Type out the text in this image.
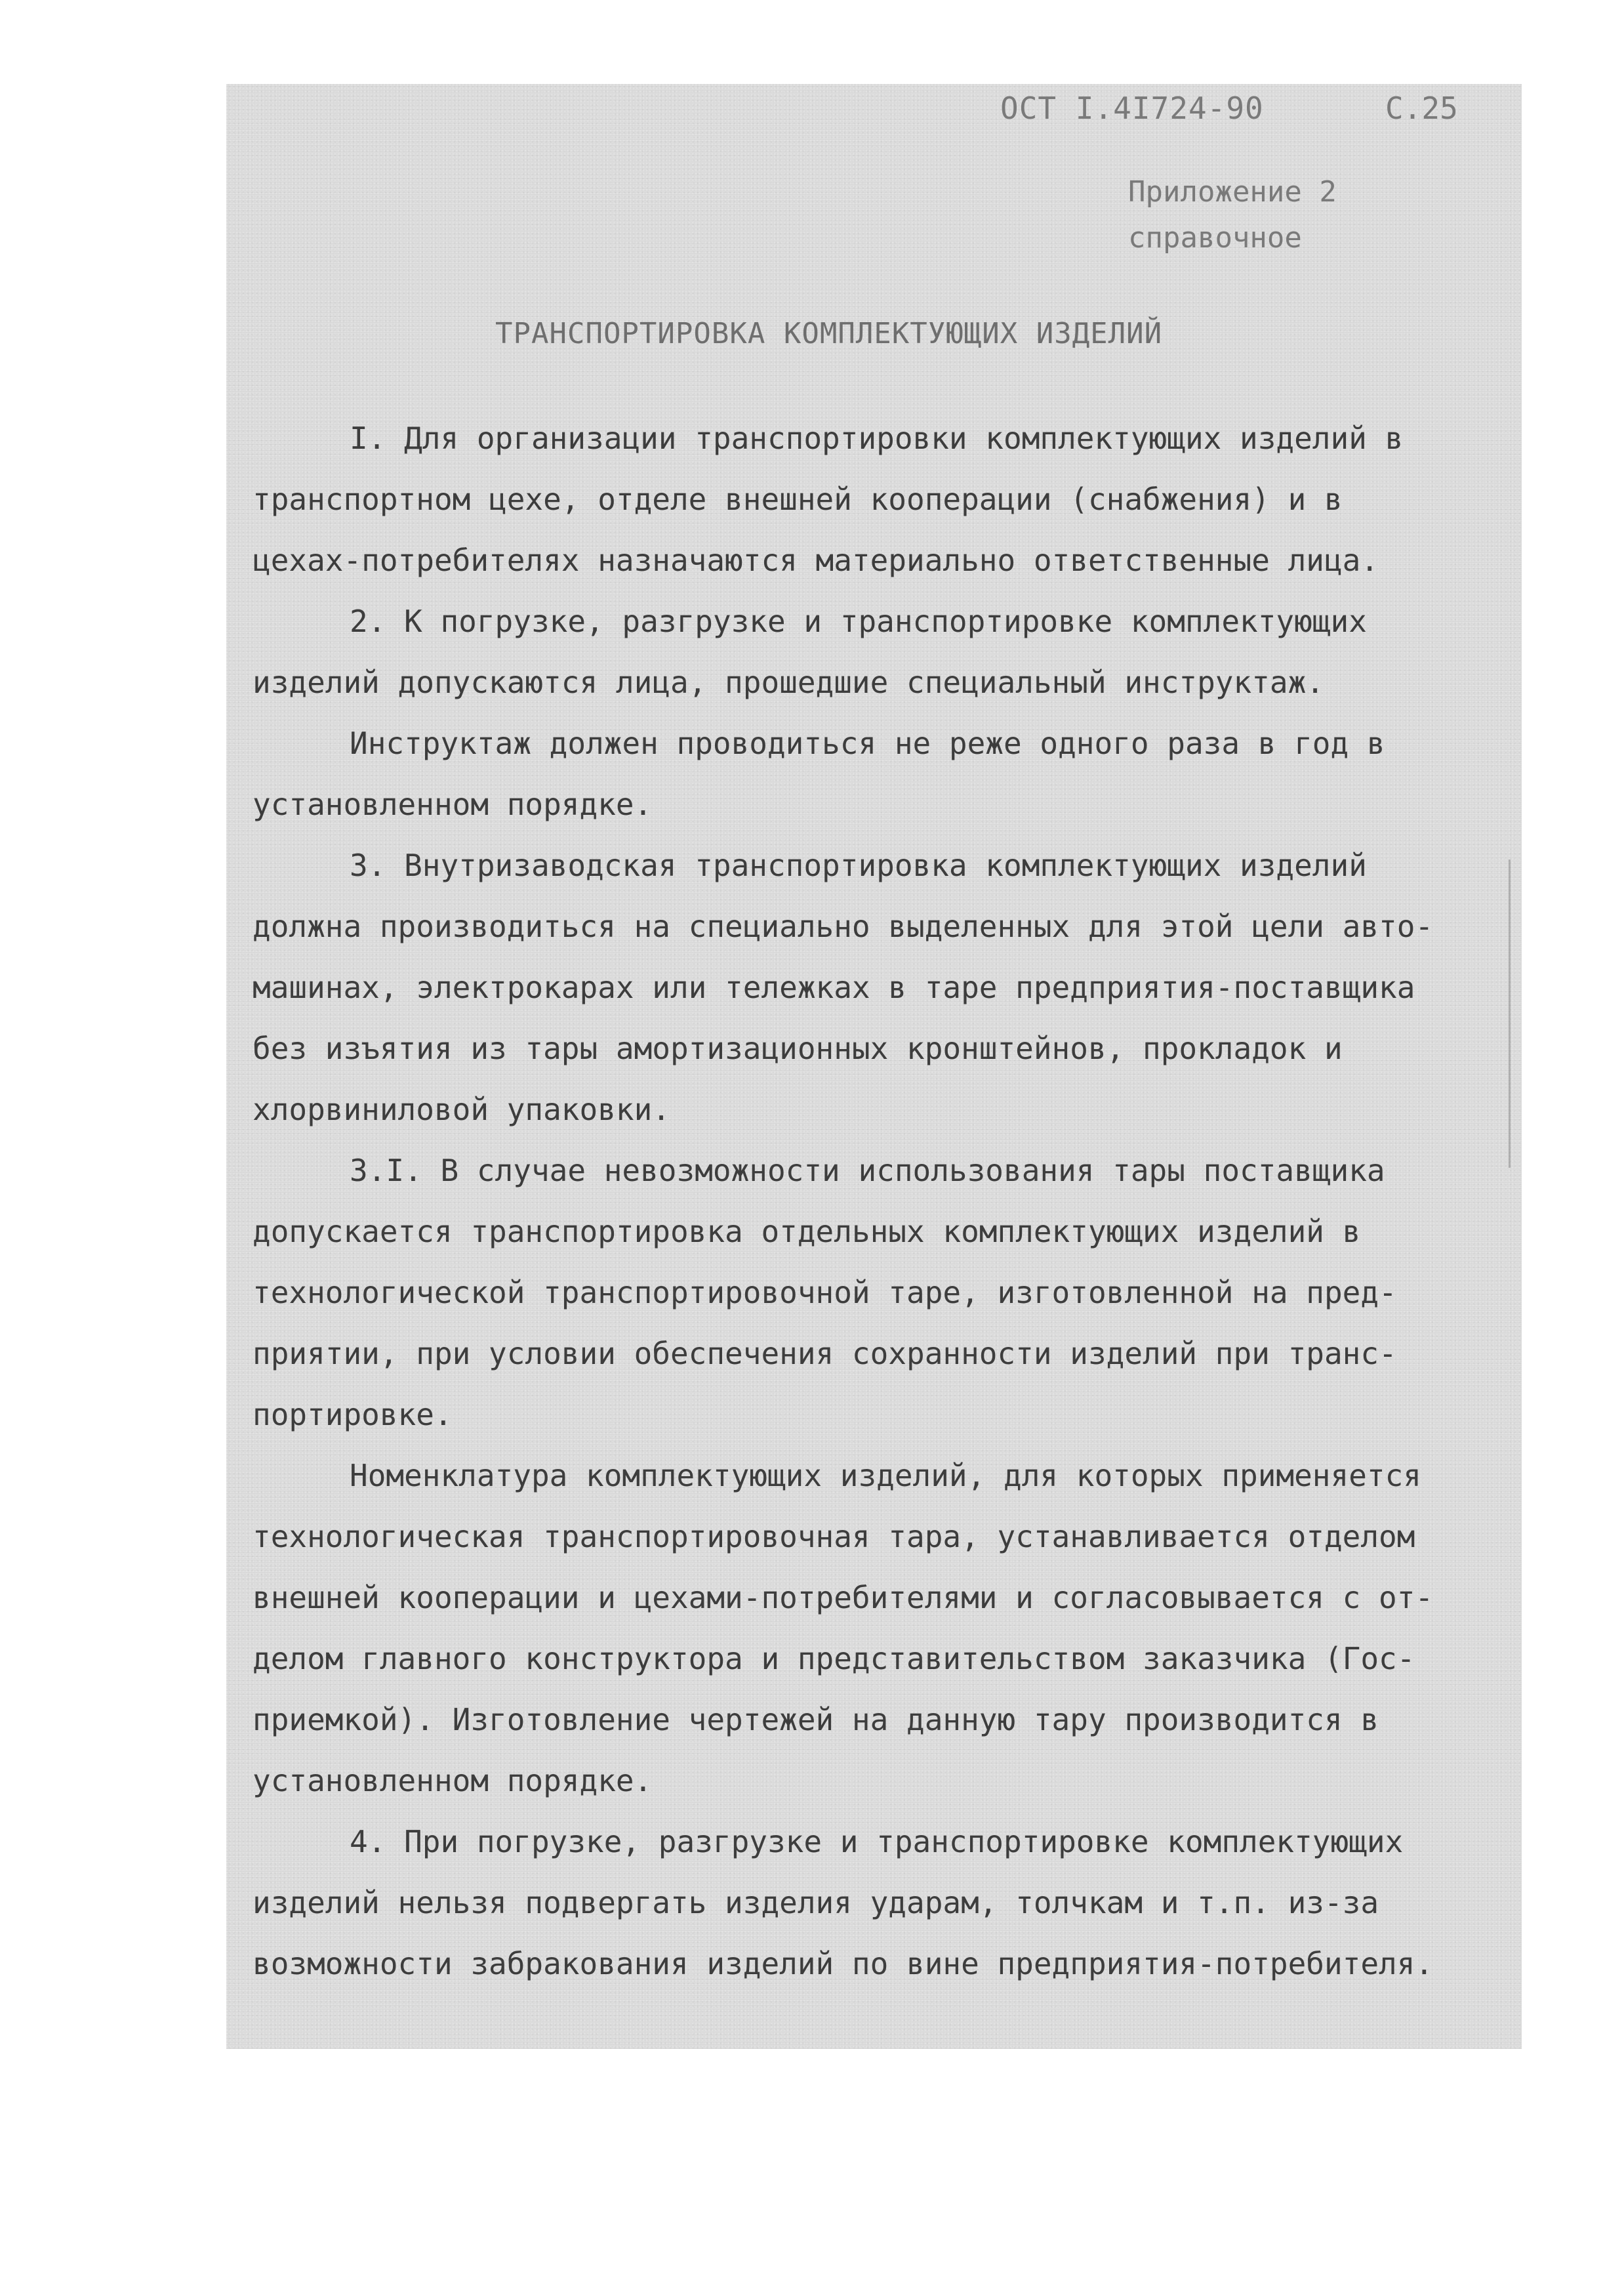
ОСТ I.4I724-90	С.25
Приложение 2
справочное
ТРАНСПОРТИРОВКА КОМПЛЕКТУЮЩИХ ИЗДЕЛИЙ
I. Для организации транспортировки комплектующих изделий в
транспортном цехе, отделе внешней кооперации (снабжения) и в
цехах-потребителях назначаются материально ответственные лица.
2. К погрузке, разгрузке и транспортировке комплектующих
изделий допускаются лица, прошедшие специальный инструктаж.
Инструктаж должен проводиться не реже одного раза в год в
установленном порядке.
3. Внутризаводская транспортировка комплектующих изделий
должна производиться на специально выделенных для этой цели авто-
машинах, электрокарах или тележках в таре предприятия-поставщика
без изъятия из тары амортизационных кронштейнов, прокладок и
хлорвиниловой упаковки.
3.I. В случае невозможности использования тары поставщика
допускается транспортировка отдельных комплектующих изделий в
технологической транспортировочной таре, изготовленной на пред-
приятии, при условии обеспечения сохранности изделий при транс-
портировке.
Номенклатура комплектующих изделий, для которых применяется
технологическая транспортировочная тара, устанавливается отделом
внешней кооперации и цехами-потребителями и согласовывается с от-
делом главного конструктора и представительством заказчика (Гос-
приемкой). Изготовление чертежей на данную тару производится в
установленном порядке.
4. При погрузке, разгрузке и транспортировке комплектующих
изделий нельзя подвергать изделия ударам, толчкам и т.п. из-за
возможности забракования изделий по вине предприятия-потребителя.
